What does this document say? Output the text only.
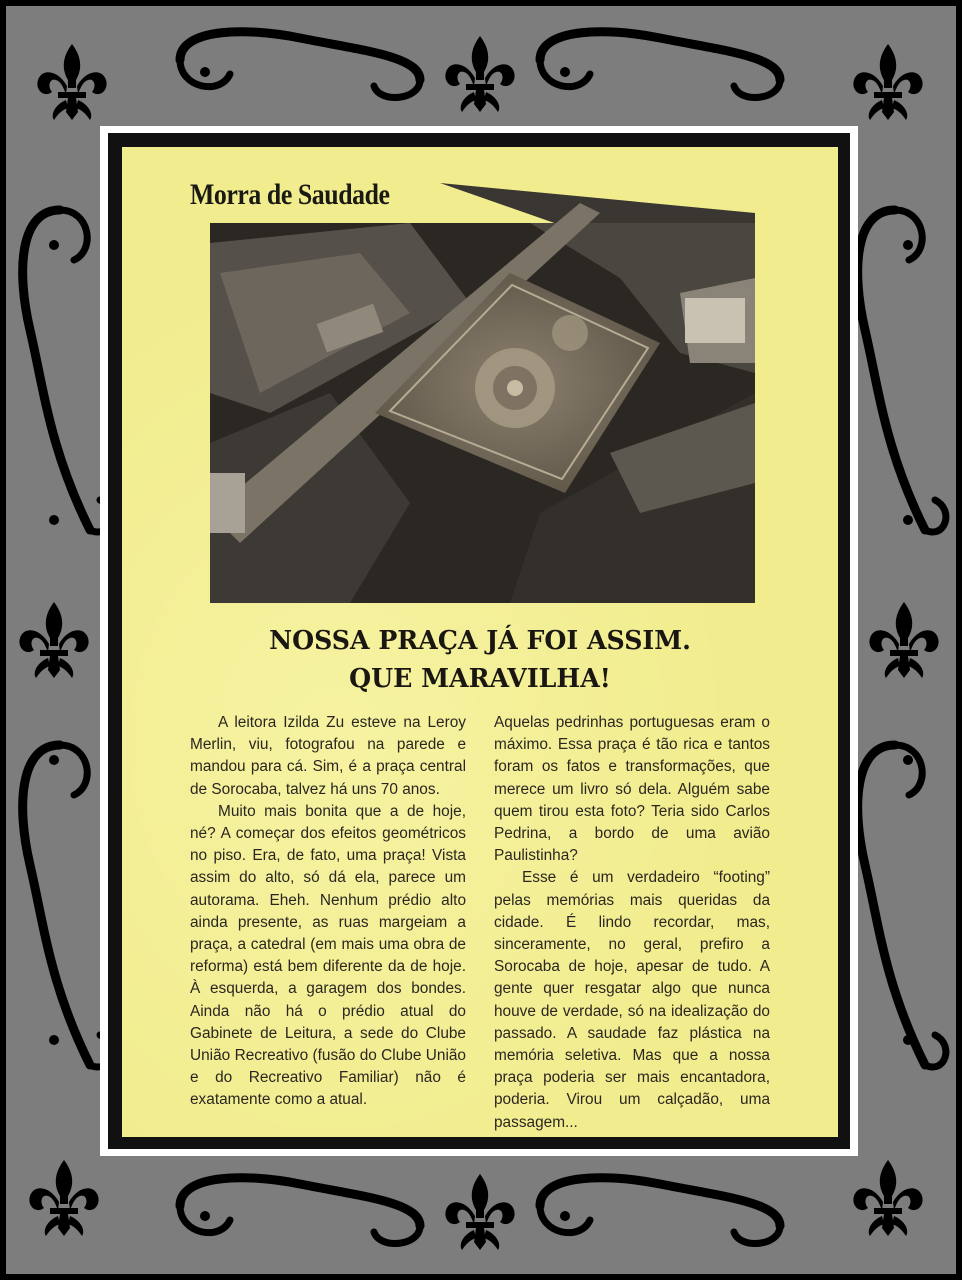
Morra de Saudade
NOSSA PRAÇA JÁ FOI ASSIM.
QUE MARAVILHA!

A leitora Izilda Zu esteve na Leroy Merlin, viu, fotografou na parede e mandou para cá. Sim, é a praça central de Sorocaba, talvez há uns 70 anos.

Muito mais bonita que a de hoje, né? A começar dos efeitos geométricos no piso. Era, de fato, uma praça! Vista assim do alto, só dá ela, parece um autorama. Eheh. Nenhum prédio alto ainda presente, as ruas margeiam a praça, a catedral (em mais uma obra de reforma) está bem diferente da de hoje. À esquerda, a garagem dos bondes. Ainda não há o prédio atual do Gabinete de Leitura, a sede do Clube União Recreativo (fusão do Clube União e do Recreativo Familiar) não é exatamente como a atual.

Aquelas pedrinhas portuguesas eram o máximo. Essa praça é tão rica e tantos foram os fatos e transformações, que merece um livro só dela. Alguém sabe quem tirou esta foto? Teria sido Carlos Pedrina, a bordo de uma avião Paulistinha?

Esse é um verdadeiro “footing” pelas memórias mais queridas da cidade. É lindo recordar, mas, sinceramente, no geral, prefiro a Sorocaba de hoje, apesar de tudo. A gente quer resgatar algo que nunca houve de verdade, só na idealização do passado. A saudade faz plástica na memória seletiva. Mas que a nossa praça poderia ser mais encantadora, poderia. Virou um calçadão, uma passagem...
